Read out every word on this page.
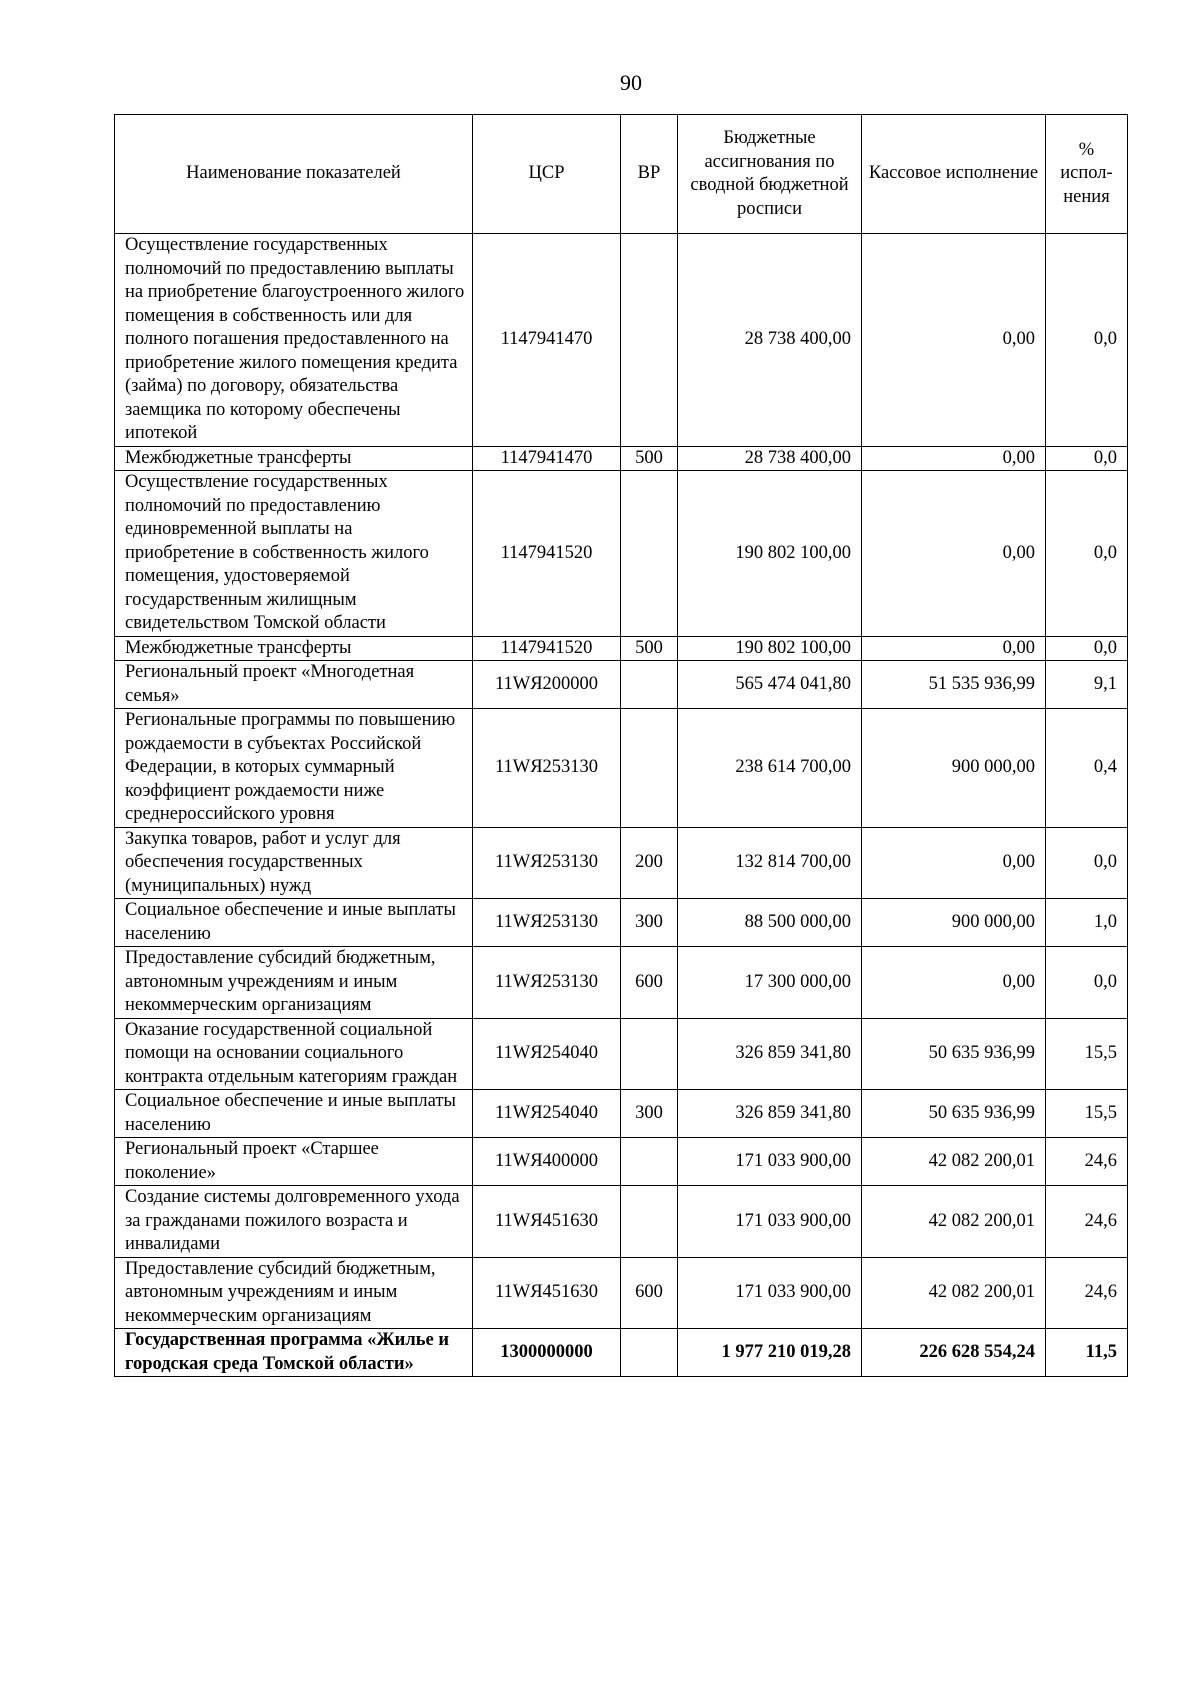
90
Наименование показателей	ЦСР	ВР	Бюджетные ассигнования по сводной бюджетной росписи	Кассовое исполнение	% испол-нения
Осуществление государственных полномочий по предоставлению выплаты на приобретение благоустроенного жилого помещения в собственность или для полного погашения предоставленного на приобретение жилого помещения кредита (займа) по договору, обязательства заемщика по которому обеспечены ипотекой	1147941470		28 738 400,00	0,00	0,0
Межбюджетные трансферты	1147941470	500	28 738 400,00	0,00	0,0
Осуществление государственных полномочий по предоставлению единовременной выплаты на приобретение в собственность жилого помещения, удостоверяемой государственным жилищным свидетельством Томской области	1147941520		190 802 100,00	0,00	0,0
Межбюджетные трансферты	1147941520	500	190 802 100,00	0,00	0,0
Региональный проект «Многодетная семья»	11WЯ200000		565 474 041,80	51 535 936,99	9,1
Региональные программы по повышению рождаемости в субъектах Российской Федерации, в которых суммарный коэффициент рождаемости ниже среднероссийского уровня	11WЯ253130		238 614 700,00	900 000,00	0,4
Закупка товаров, работ и услуг для обеспечения государственных (муниципальных) нужд	11WЯ253130	200	132 814 700,00	0,00	0,0
Социальное обеспечение и иные выплаты населению	11WЯ253130	300	88 500 000,00	900 000,00	1,0
Предоставление субсидий бюджетным, автономным учреждениям и иным некоммерческим организациям	11WЯ253130	600	17 300 000,00	0,00	0,0
Оказание государственной социальной помощи на основании социального контракта отдельным категориям граждан	11WЯ254040		326 859 341,80	50 635 936,99	15,5
Социальное обеспечение и иные выплаты населению	11WЯ254040	300	326 859 341,80	50 635 936,99	15,5
Региональный проект «Старшее поколение»	11WЯ400000		171 033 900,00	42 082 200,01	24,6
Создание системы долговременного ухода за гражданами пожилого возраста и инвалидами	11WЯ451630		171 033 900,00	42 082 200,01	24,6
Предоставление субсидий бюджетным, автономным учреждениям и иным некоммерческим организациям	11WЯ451630	600	171 033 900,00	42 082 200,01	24,6
Государственная программа «Жилье и городская среда Томской области»	1300000000		1 977 210 019,28	226 628 554,24	11,5
